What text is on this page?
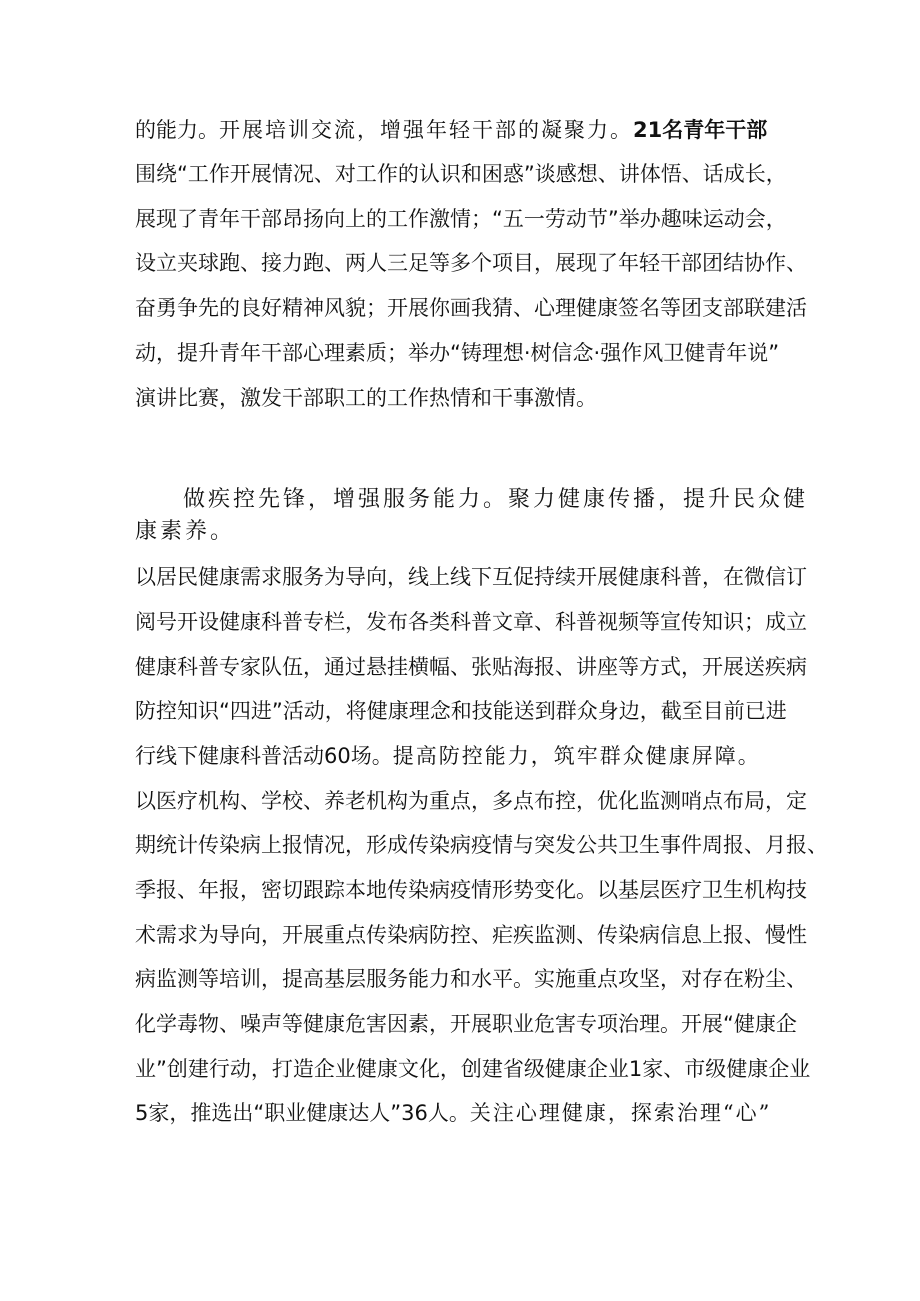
的能力。开展培训交流，增强年轻干部的凝聚力。21名青年干部
围绕“工作开展情况、对工作的认识和困惑”谈感想、讲体悟、话成长，
展现了青年干部昂扬向上的工作激情；“五一劳动节”举办趣味运动会，
设立夹球跑、接力跑、两人三足等多个项目，展现了年轻干部团结协作、
奋勇争先的良好精神风貌；开展你画我猜、心理健康签名等团支部联建活
动，提升青年干部心理素质；举办“铸理想·树信念·强作风卫健青年说”
演讲比赛，激发干部职工的工作热情和干事激情。
做疾控先锋，增强服务能力。聚力健康传播，提升民众健
康素养。
以居民健康需求服务为导向，线上线下互促持续开展健康科普，在微信订
阅号开设健康科普专栏，发布各类科普文章、科普视频等宣传知识；成立
健康科普专家队伍，通过悬挂横幅、张贴海报、讲座等方式，开展送疾病
防控知识“四进”活动，将健康理念和技能送到群众身边，截至目前已进
行线下健康科普活动60场。提高防控能力，筑牢群众健康屏障。
以医疗机构、学校、养老机构为重点，多点布控，优化监测哨点布局，定
期统计传染病上报情况，形成传染病疫情与突发公共卫生事件周报、月报、
季报、年报，密切跟踪本地传染病疫情形势变化。以基层医疗卫生机构技
术需求为导向，开展重点传染病防控、疟疾监测、传染病信息上报、慢性
病监测等培训，提高基层服务能力和水平。实施重点攻坚，对存在粉尘、
化学毒物、噪声等健康危害因素，开展职业危害专项治理。开展“健康企
业”创建行动，打造企业健康文化，创建省级健康企业1家、市级健康企业
5家，推选出“职业健康达人”36人。关注心理健康，探索治理“心”
